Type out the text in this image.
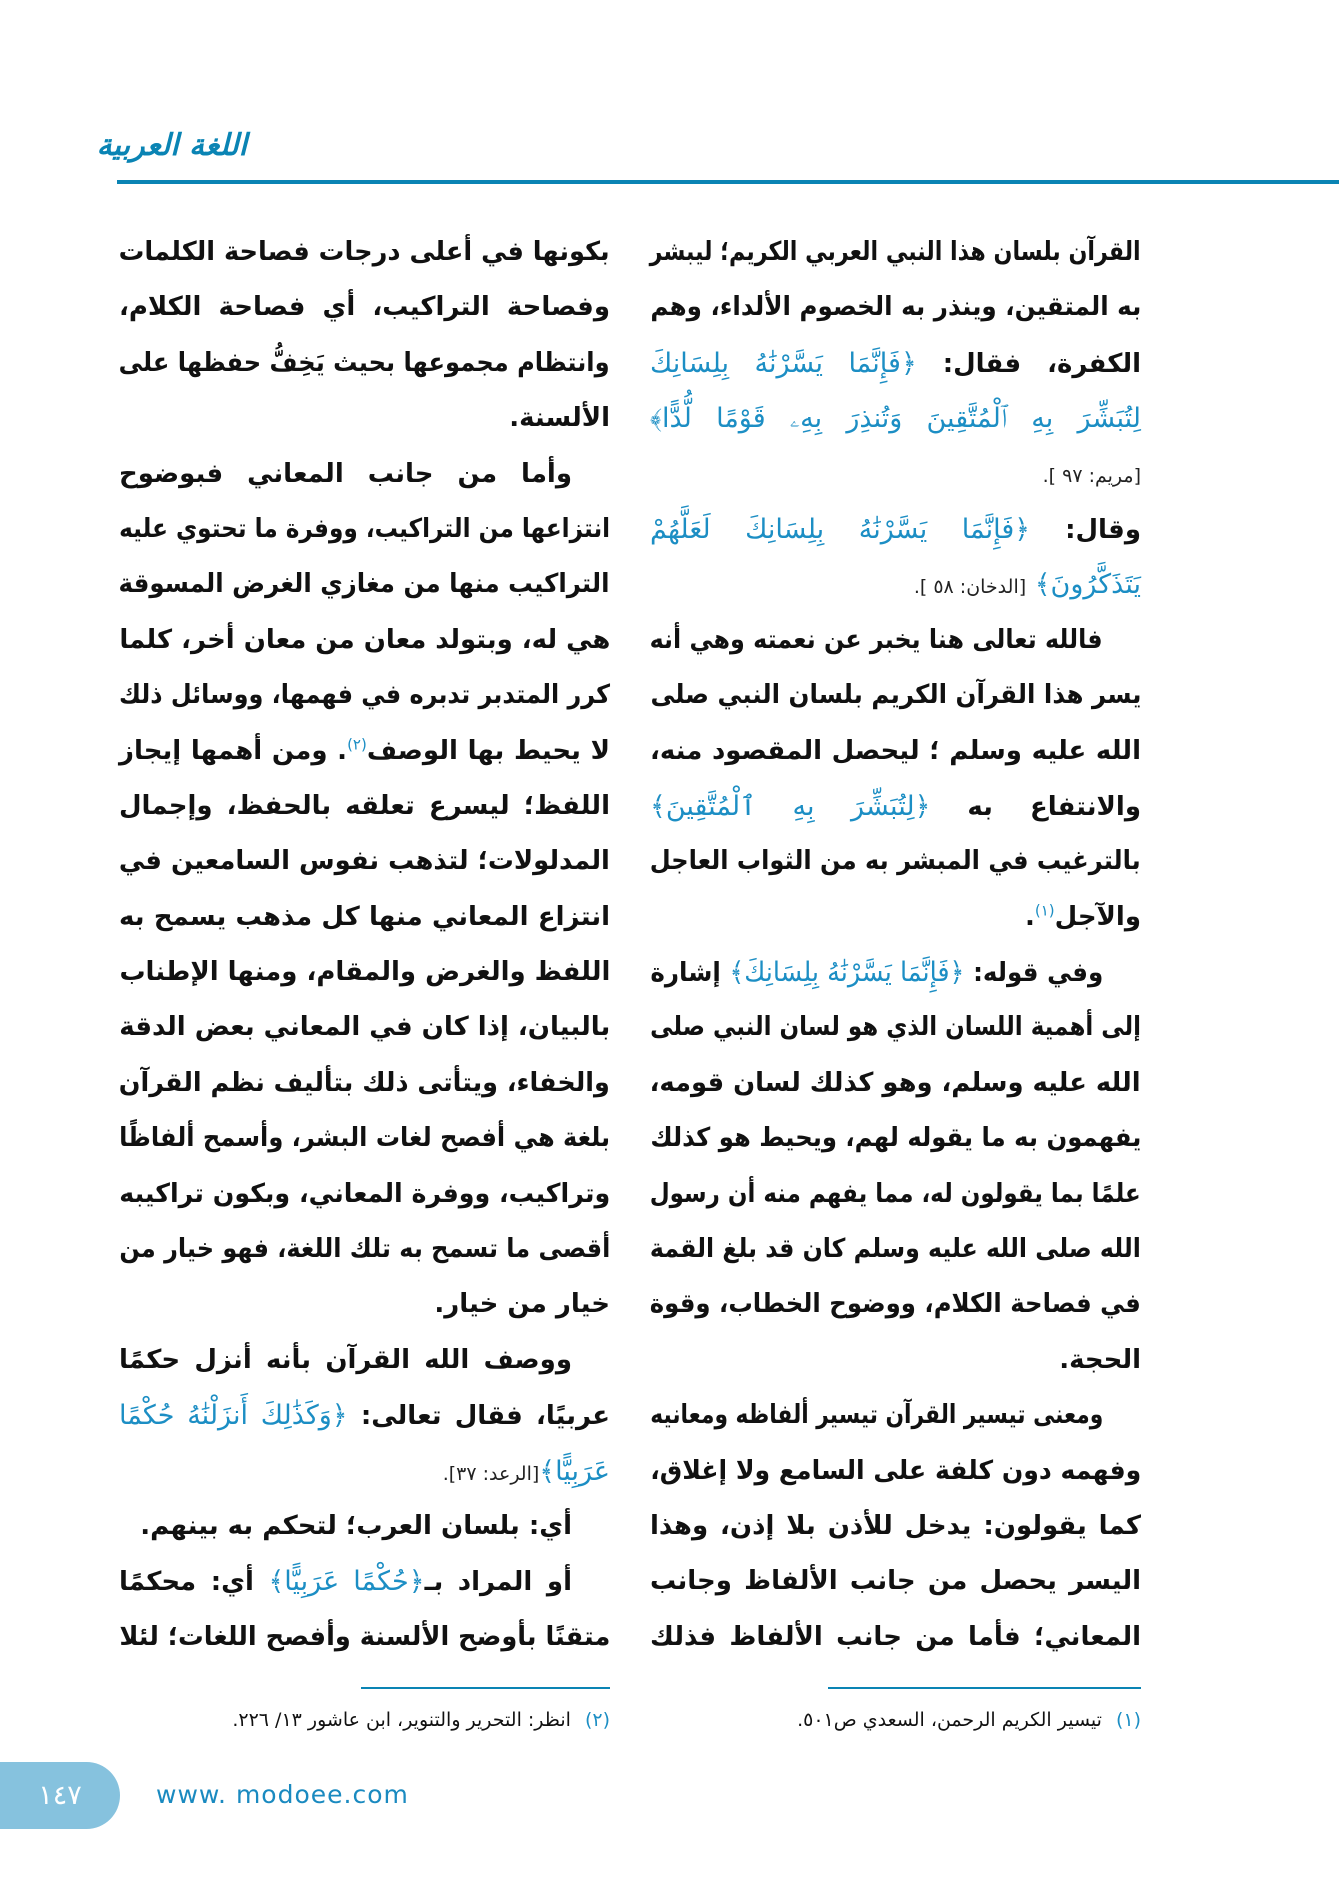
اللغة العربية
القرآن بلسان هذا النبي العربي الكريم؛ ليبشر
به المتقين، وينذر به الخصوم الألداء، وهم
الكفرة، فقال: ﴿فَإِنَّمَا يَسَّرْنَٰهُ بِلِسَانِكَ
لِتُبَشِّرَ بِهِ ٱلْمُتَّقِينَ وَتُنذِرَ بِهِۦ قَوْمًا لُّدًّا﴾
[مريم: ٩٧ ].
وقال: ﴿فَإِنَّمَا يَسَّرْنَٰهُ بِلِسَانِكَ لَعَلَّهُمْ
يَتَذَكَّرُونَ﴾ [الدخان: ٥٨ ].
فالله تعالى هنا يخبر عن نعمته وهي أنه
يسر هذا القرآن الكريم بلسان النبي صلى
الله عليه وسلم ؛ ليحصل المقصود منه،
والانتفاع به ﴿لِتُبَشِّرَ بِهِ ٱلْمُتَّقِينَ﴾
بالترغيب في المبشر به من الثواب العاجل
والآجل$^{(١)}$.
وفي قوله: ﴿فَإِنَّمَا يَسَّرْنَٰهُ بِلِسَانِكَ﴾ إشارة
إلى أهمية اللسان الذي هو لسان النبي صلى
الله عليه وسلم، وهو كذلك لسان قومه،
يفهمون به ما يقوله لهم، ويحيط هو كذلك
علمًا بما يقولون له، مما يفهم منه أن رسول
الله صلى الله عليه وسلم كان قد بلغ القمة
في فصاحة الكلام، ووضوح الخطاب، وقوة
الحجة.
ومعنى تيسير القرآن تيسير ألفاظه ومعانيه
وفهمه دون كلفة على السامع ولا إغلاق،
كما يقولون: يدخل للأذن بلا إذن، وهذا
اليسر يحصل من جانب الألفاظ وجانب
المعاني؛ فأما من جانب الألفاظ فذلك
بكونها في أعلى درجات فصاحة الكلمات
وفصاحة التراكيب، أي فصاحة الكلام،
وانتظام مجموعها بحيث يَخِفُّ حفظها على
الألسنة.
وأما من جانب المعاني فبوضوح
انتزاعها من التراكيب، ووفرة ما تحتوي عليه
التراكيب منها من مغازي الغرض المسوقة
هي له، وبتولد معان من معان أخر، كلما
كرر المتدبر تدبره في فهمها، ووسائل ذلك
لا يحيط بها الوصف$^{(٢)}$. ومن أهمها إيجاز
اللفظ؛ ليسرع تعلقه بالحفظ، وإجمال
المدلولات؛ لتذهب نفوس السامعين في
انتزاع المعاني منها كل مذهب يسمح به
اللفظ والغرض والمقام، ومنها الإطناب
بالبيان، إذا كان في المعاني بعض الدقة
والخفاء، ويتأتى ذلك بتأليف نظم القرآن
بلغة هي أفصح لغات البشر، وأسمح ألفاظًا
وتراكيب، ووفرة المعاني، وبكون تراكيبه
أقصى ما تسمح به تلك اللغة، فهو خيار من
خيار من خيار.
ووصف الله القرآن بأنه أنزل حكمًا
عربيًا، فقال تعالى: ﴿وَكَذَٰلِكَ أَنزَلْنَٰهُ حُكْمًا
عَرَبِيًّا﴾[الرعد: ٣٧].
أي: بلسان العرب؛ لتحكم به بينهم.
أو المراد بـ﴿حُكْمًا عَرَبِيًّا﴾ أي: محكمًا
متقنًا بأوضح الألسنة وأفصح اللغات؛ لئلا
(١)تيسير الكريم الرحمن، السعدي ص٥٠١.
(٢)انظر: التحرير والتنوير، ابن عاشور ١٣/ ٢٢٦.
١٤٧	www. modoee.com
